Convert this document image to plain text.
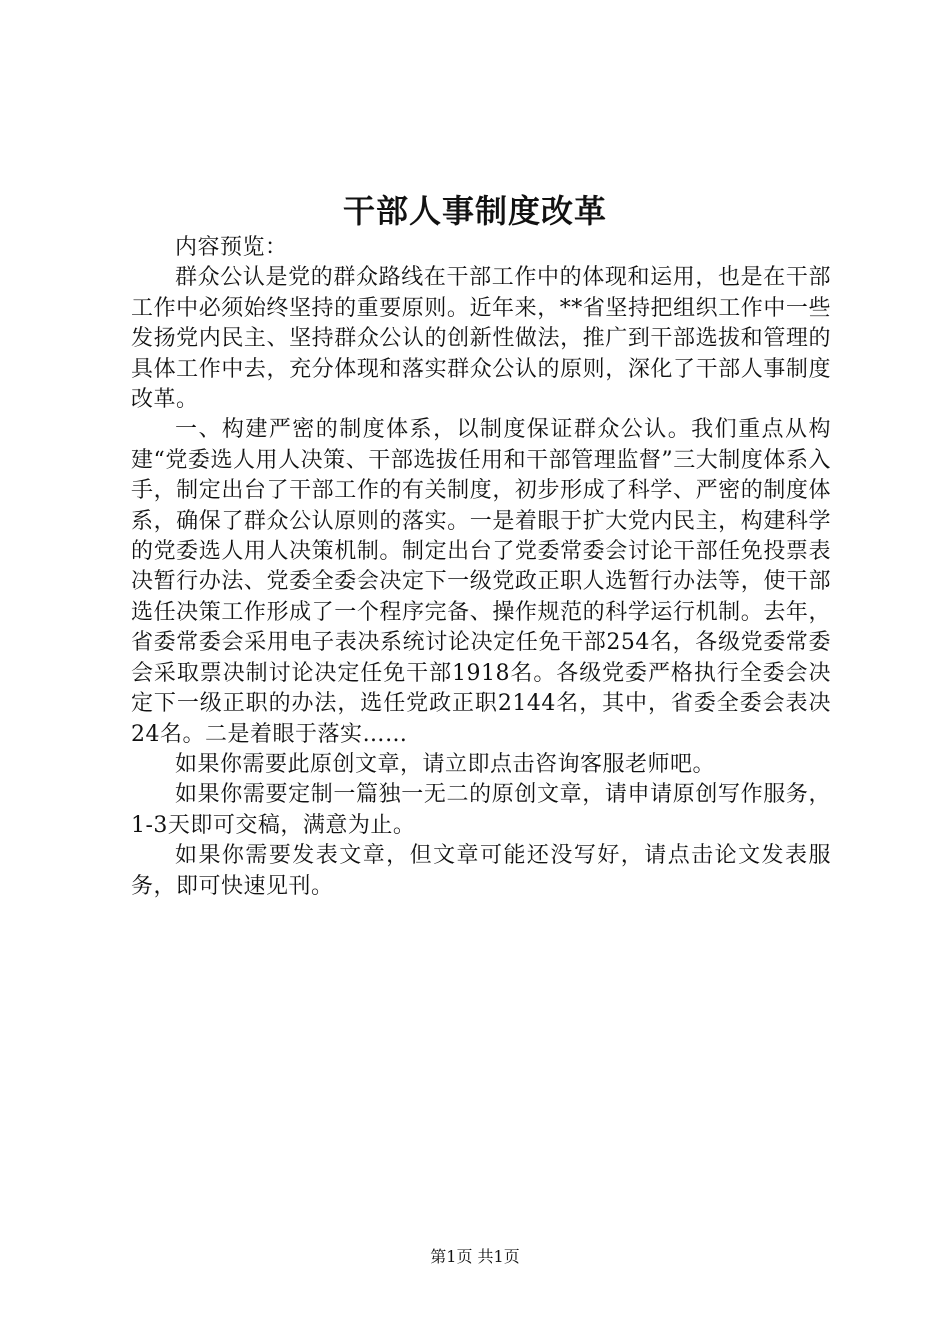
干部人事制度改革

内容预览：

群众公认是党的群众路线在干部工作中的体现和运用，也是在干部工作中必须始终坚持的重要原则。近年来，**省坚持把组织工作中一些发扬党内民主、坚持群众公认的创新性做法，推广到干部选拔和管理的具体工作中去，充分体现和落实群众公认的原则，深化了干部人事制度改革。

一、构建严密的制度体系，以制度保证群众公认。我们重点从构建“党委选人用人决策、干部选拔任用和干部管理监督”三大制度体系入手，制定出台了干部工作的有关制度，初步形成了科学、严密的制度体系，确保了群众公认原则的落实。一是着眼于扩大党内民主，构建科学的党委选人用人决策机制。制定出台了党委常委会讨论干部任免投票表决暂行办法、党委全委会决定下一级党政正职人选暂行办法等，使干部选任决策工作形成了一个程序完备、操作规范的科学运行机制。去年，省委常委会采用电子表决系统讨论决定任免干部254名，各级党委常委会采取票决制讨论决定任免干部1918名。各级党委严格执行全委会决定下一级正职的办法，选任党政正职2144名，其中，省委全委会表决24名。二是着眼于落实……

如果你需要此原创文章，请立即点击咨询客服老师吧。

如果你需要定制一篇独一无二的原创文章，请申请原创写作服务，1-3天即可交稿，满意为止。

如果你需要发表文章，但文章可能还没写好，请点击论文发表服务，即可快速见刊。

第1页 共1页
